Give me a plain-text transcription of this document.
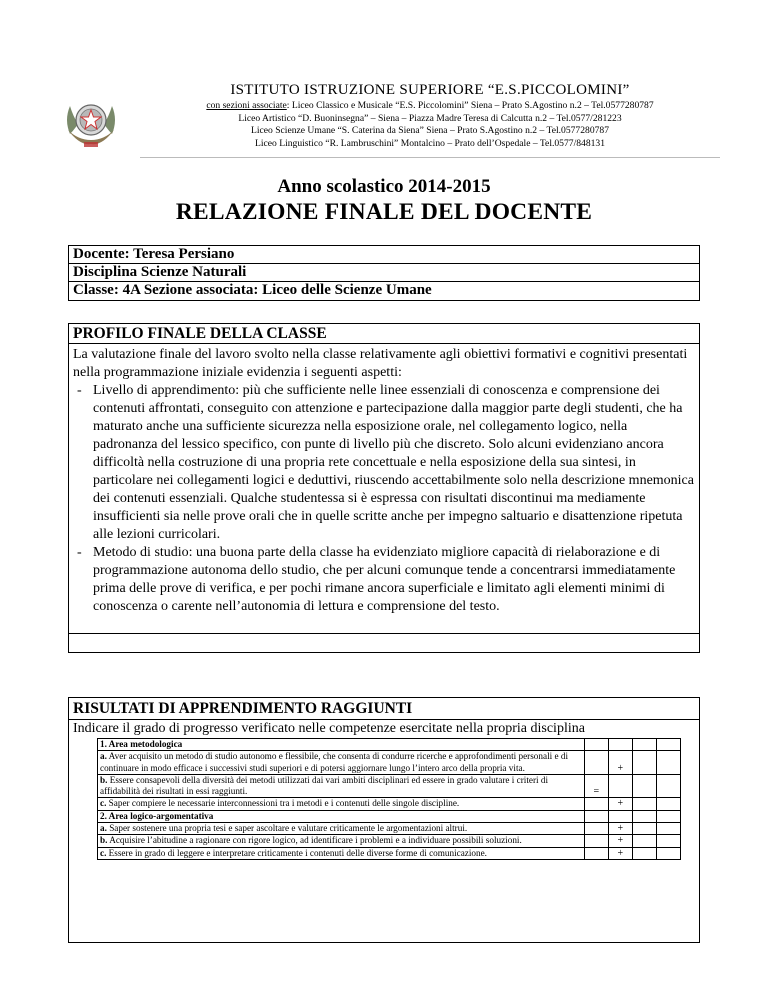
ISTITUTO ISTRUZIONE SUPERIORE “E.S.PICCOLOMINI”
con sezioni associate: Liceo Classico e Musicale “E.S. Piccolomini” Siena – Prato S.Agostino n.2 – Tel.0577280787
Liceo Artistico “D. Buoninsegna” – Siena – Piazza Madre Teresa di Calcutta n.2 – Tel.0577/281223
Liceo Scienze Umane “S. Caterina da Siena” Siena – Prato S.Agostino n.2 – Tel.0577280787
Liceo Linguistico “R. Lambruschini” Montalcino – Prato dell’Ospedale – Tel.0577/848131
Anno scolastico 2014-2015
RELAZIONE FINALE DEL DOCENTE
Docente: Teresa Persiano
Disciplina Scienze Naturali
Classe: 4A Sezione associata: Liceo delle Scienze Umane
PROFILO FINALE DELLA CLASSE
La valutazione finale del lavoro svolto nella classe relativamente agli obiettivi formativi e cognitivi presentati nella programmazione iniziale evidenzia i seguenti aspetti:
- Livello di apprendimento: più che sufficiente nelle linee essenziali di conoscenza e comprensione dei contenuti affrontati, conseguito con attenzione e partecipazione dalla maggior parte degli studenti, che ha maturato anche una sufficiente sicurezza nella esposizione orale, nel collegamento logico, nella padronanza del lessico specifico, con punte di livello più che discreto. Solo alcuni evidenziano ancora difficoltà nella costruzione di una propria rete concettuale e nella esposizione della sua sintesi, in particolare nei collegamenti logici e deduttivi, riuscendo accettabilmente solo nella descrizione mnemonica dei contenuti essenziali. Qualche studentessa si è espressa con risultati discontinui ma mediamente insufficienti sia nelle prove orali che in quelle scritte anche per impegno saltuario e disattenzione ripetuta alle lezioni curricolari.
- Metodo di studio: una buona parte della classe ha evidenziato migliore capacità di rielaborazione e di programmazione autonoma dello studio, che per alcuni comunque tende a concentrarsi immediatamente prima delle prove di verifica, e per pochi rimane ancora superficiale e limitato agli elementi minimi di conoscenza o carente nell’autonomia di lettura e comprensione del testo.
RISULTATI DI APPRENDIMENTO RAGGIUNTI
Indicare il grado di progresso verificato nelle competenze esercitate nella propria disciplina
1. Area metodologica				
a. Aver acquisito un metodo di studio autonomo e flessibile, che consenta di condurre ricerche e approfondimenti personali e di continuare in modo efficace i successivi studi superiori e di potersi aggiornare lungo l’intero arco della propria vita.		+		
b. Essere consapevoli della diversità dei metodi utilizzati dai vari ambiti disciplinari ed essere in grado valutare i criteri di affidabilità dei risultati in essi raggiunti.	=			
c. Saper compiere le necessarie interconnessioni tra i metodi e i contenuti delle singole discipline.		+		
2. Area logico-argomentativa				
a. Saper sostenere una propria tesi e saper ascoltare e valutare criticamente le argomentazioni altrui.		+		
b. Acquisire l’abitudine a ragionare con rigore logico, ad identificare i problemi e a individuare possibili soluzioni.		+		
c. Essere in grado di leggere e interpretare criticamente i contenuti delle diverse forme di comunicazione.		+		
